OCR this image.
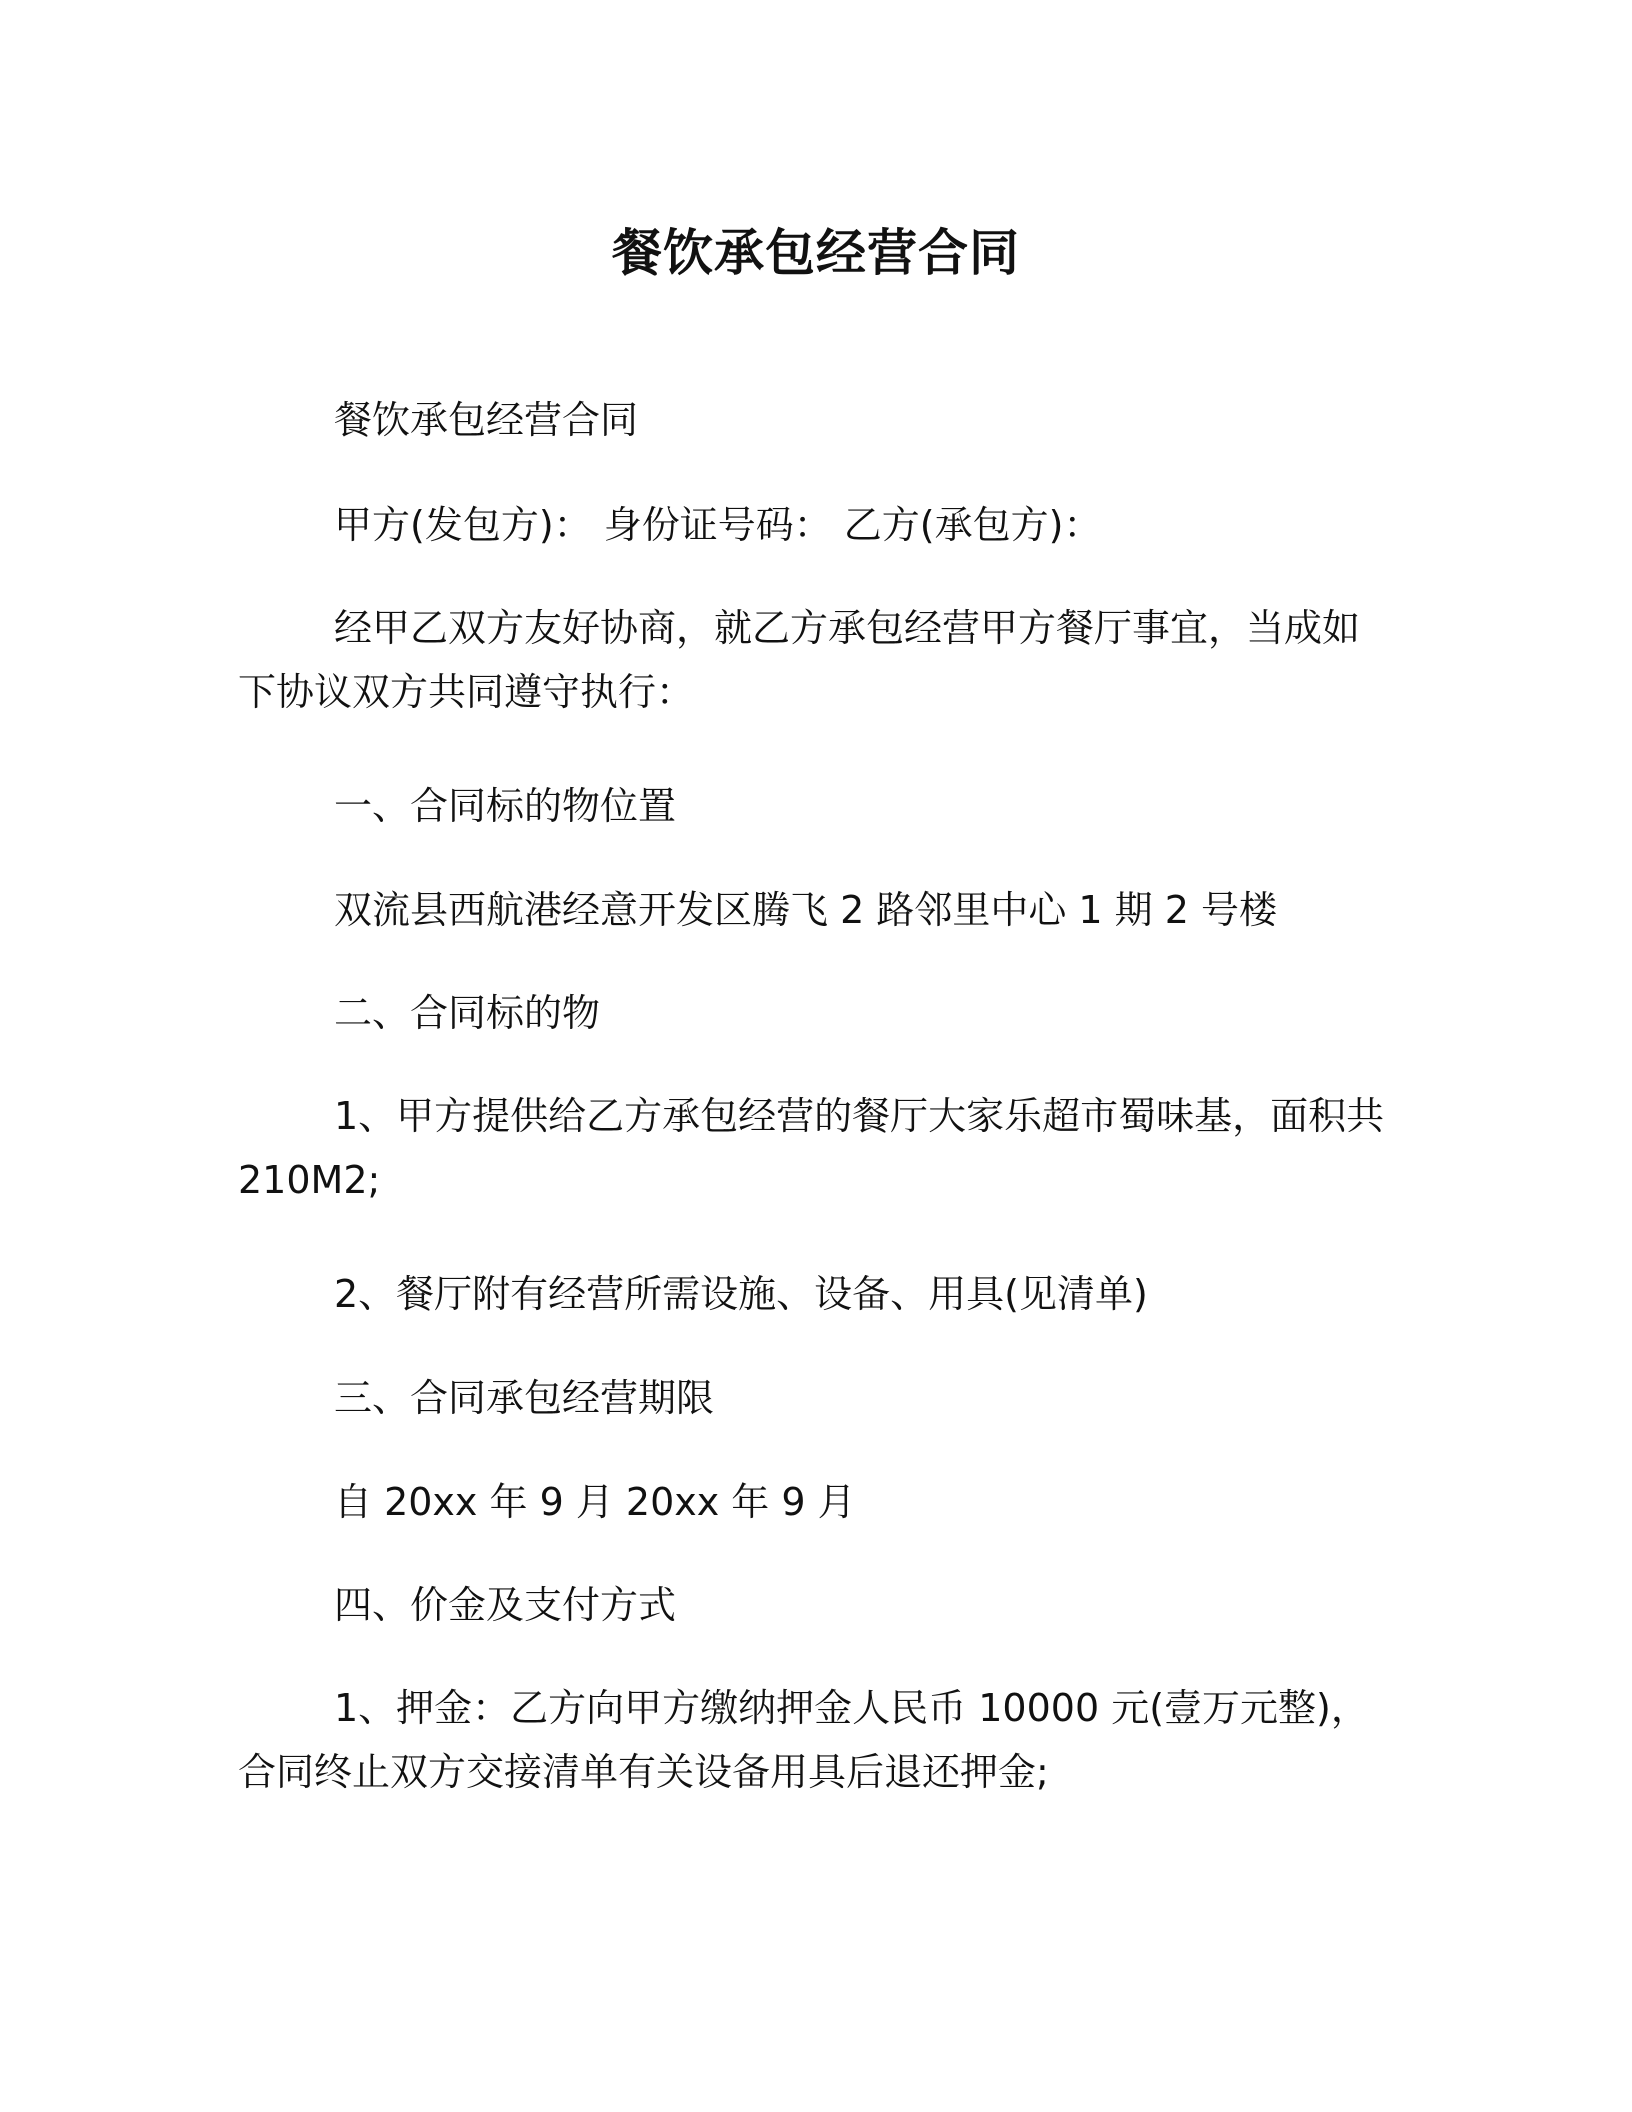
餐饮承包经营合同
餐饮承包经营合同
甲方(发包方)： 身份证号码： 乙方(承包方)：
经甲乙双方友好协商，就乙方承包经营甲方餐厅事宜，当成如下协议双方共同遵守执行：
一、合同标的物位置
双流县西航港经意开发区腾飞 2 路邻里中心 1 期 2 号楼
二、合同标的物
1、甲方提供给乙方承包经营的餐厅大家乐超市蜀味基，面积共 210M2;
2、餐厅附有经营所需设施、设备、用具(见清单)
三、合同承包经营期限
自 20xx 年 9 月 20xx 年 9 月
四、价金及支付方式
1、押金：乙方向甲方缴纳押金人民币 10000 元(壹万元整)，合同终止双方交接清单有关设备用具后退还押金;
